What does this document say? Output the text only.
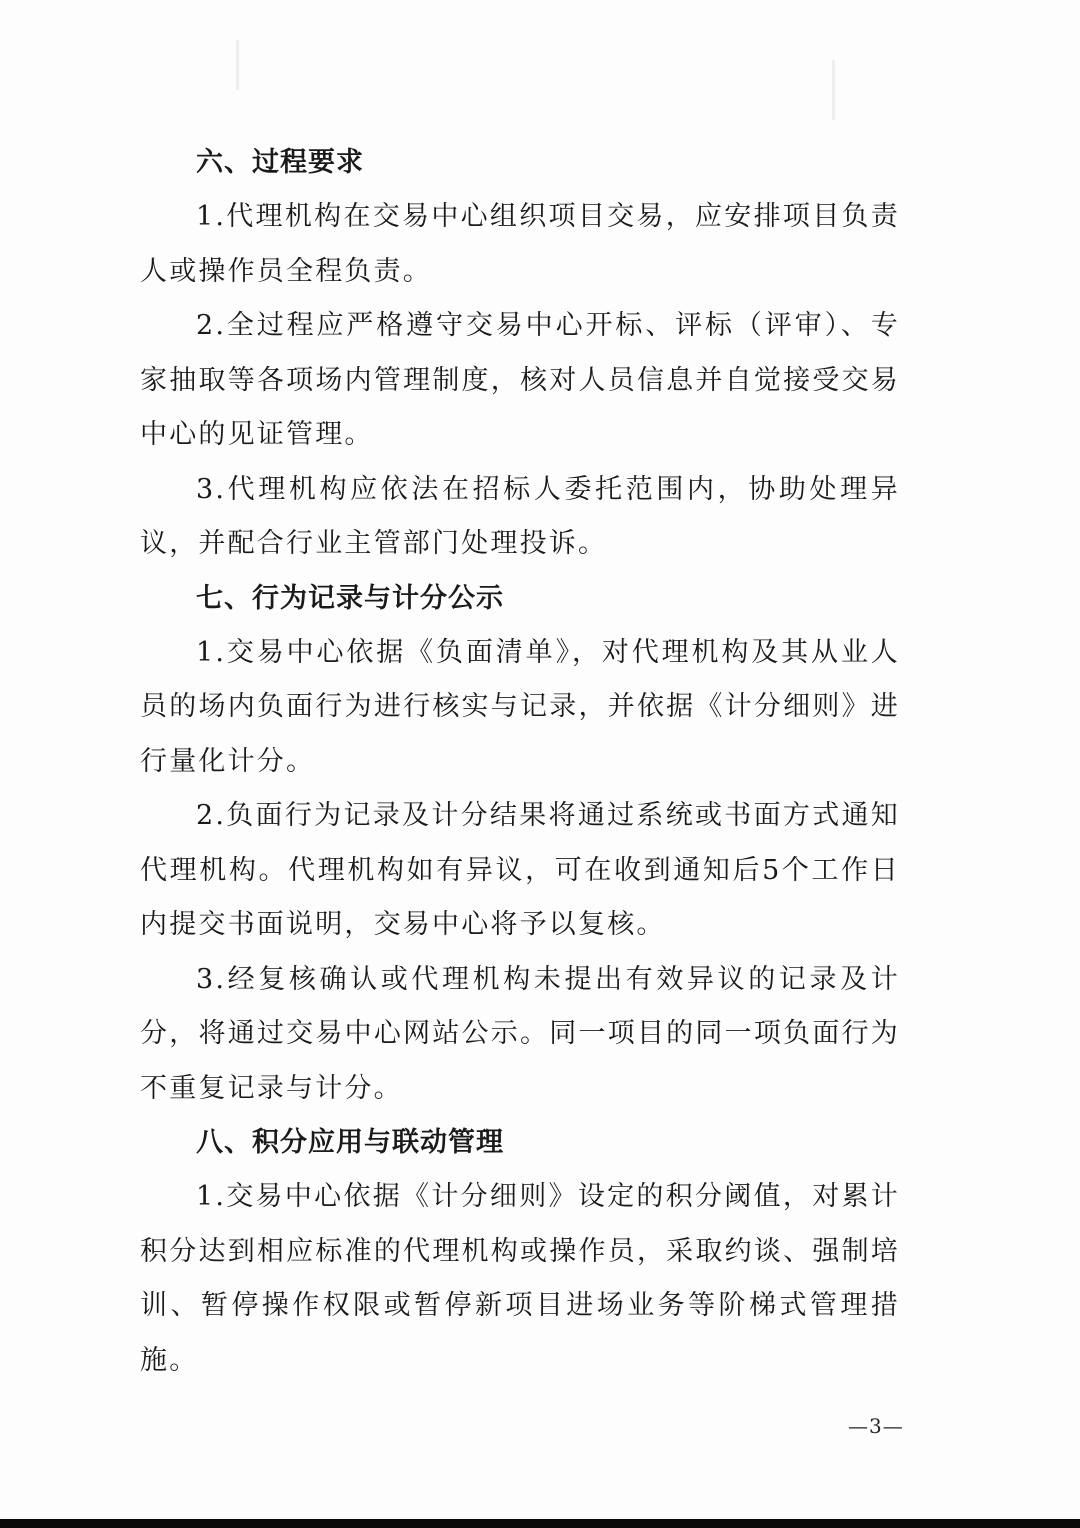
六、过程要求

1.代理机构在交易中心组织项目交易，应安排项目负责人或操作员全程负责。

2.全过程应严格遵守交易中心开标、评标（评审）、专家抽取等各项场内管理制度，核对人员信息并自觉接受交易中心的见证管理。

3.代理机构应依法在招标人委托范围内，协助处理异议，并配合行业主管部门处理投诉。

七、行为记录与计分公示

1.交易中心依据《负面清单》，对代理机构及其从业人员的场内负面行为进行核实与记录，并依据《计分细则》进行量化计分。

2.负面行为记录及计分结果将通过系统或书面方式通知代理机构。代理机构如有异议，可在收到通知后5个工作日内提交书面说明，交易中心将予以复核。

3.经复核确认或代理机构未提出有效异议的记录及计分，将通过交易中心网站公示。同一项目的同一项负面行为不重复记录与计分。

八、积分应用与联动管理

1.交易中心依据《计分细则》设定的积分阈值，对累计积分达到相应标准的代理机构或操作员，采取约谈、强制培训、暂停操作权限或暂停新项目进场业务等阶梯式管理措施。

—3—
